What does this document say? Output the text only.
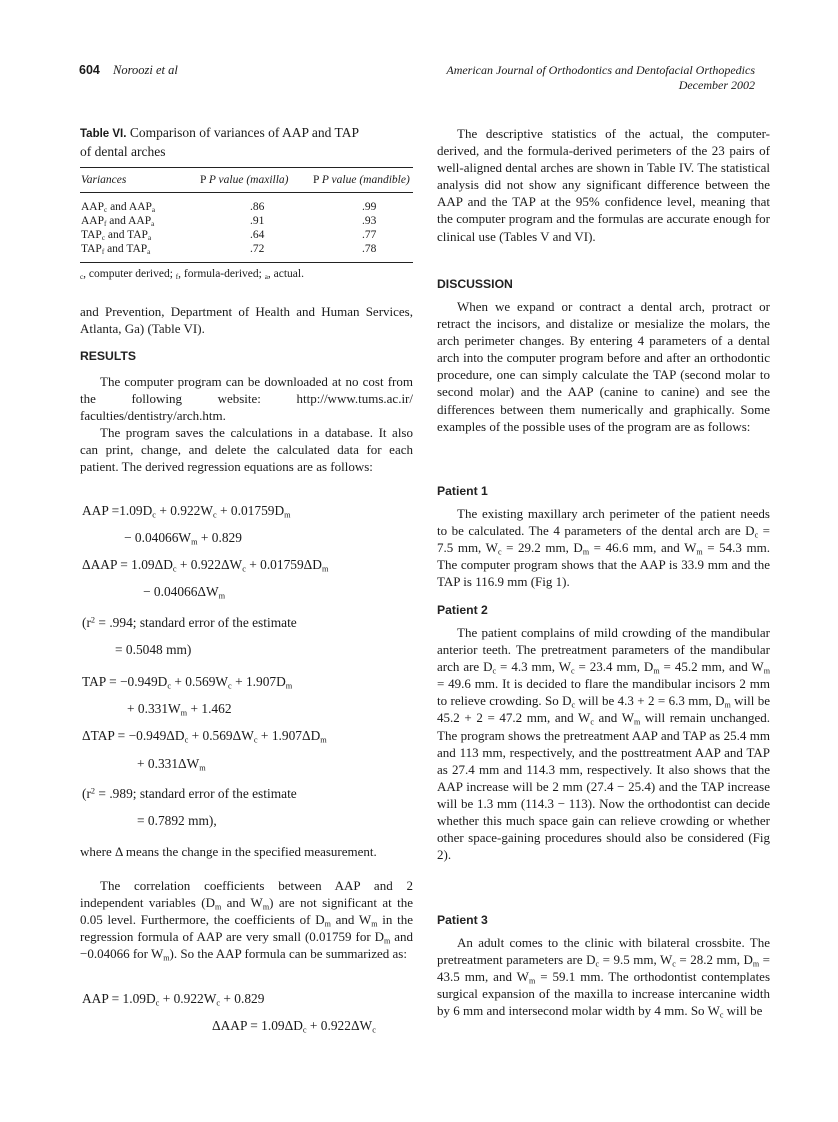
604 Noroozi et al	American Journal of Orthodontics and Dentofacial Orthopedics
December 2002
Table VI. Comparison of variances of AAP and TAP
of dental arches
Variances	P P value (maxilla) P P value (mandible)
$AAP_c$ and $AAP_a$	.86	.99
$AAP_f$ and $AAP_a$	.91	.93
$TAP_c$ and $TAP_a$	.64	.77
$TAP_f$ and $TAP_a$	.72	.78
$_c$, computer derived; $_f$, formula-derived; $_a$, actual.
and Prevention, Department of Health and Human Services, Atlanta, Ga) (Table VI).
RESULTS
The computer program can be downloaded at no cost from the following website: http://www.tums.ac.ir/ faculties/dentistry/arch.htm.
The program saves the calculations in a database. It also can print, change, and delete the calculated data for each patient. The derived regression equations are as follows:
AAP $=1.09D_c + 0.922W_c + 0.01759D_m$
− $0.04066W_m + 0.829$
$\Delta AAP = 1.09\Delta D_c + 0.922\Delta W_c + 0.01759\Delta D_m$
− $0.04066\Delta W_m$
($r^2 = .994$; standard error of the estimate
= 0.5048 mm)
TAP = $-0.949D_c + 0.569W_c + 1.907D_m$
+ $0.331W_m + 1.462$
$\Delta TAP = -0.949\Delta D_c + 0.569\Delta W_c + 1.907\Delta D_m$
+ $0.331\Delta W_m$
($r^2 = .989$; standard error of the estimate
= 0.7892 mm),
where Δ means the change in the specified measurement.
The correlation coefficients between AAP and 2 independent variables ($D_m$ and $W_m$) are not significant at the 0.05 level. Furthermore, the coefficients of $D_m$ and $W_m$ in the regression formula of AAP are very small (0.01759 for $D_m$ and −0.04066 for $W_m$). So the AAP formula can be summarized as:
AAP = $1.09D_c + 0.922W_c + 0.829$
$\Delta AAP = 1.09\Delta D_c + 0.922\Delta W_c$
The descriptive statistics of the actual, the computer-derived, and the formula-derived perimeters of the 23 pairs of well-aligned dental arches are shown in Table IV. The statistical analysis did not show any significant difference between the AAP and the TAP at the 95% confidence level, meaning that the computer program and the formulas are accurate enough for clinical use (Tables V and VI).
DISCUSSION
When we expand or contract a dental arch, protract or retract the incisors, and distalize or mesialize the molars, the arch perimeter changes. By entering 4 parameters of a dental arch into the computer program before and after an orthodontic procedure, one can simply calculate the TAP (second molar to second molar) and the AAP (canine to canine) and see the differences between them numerically and graphically. Some examples of the possible uses of the program are as follows:
Patient 1
The existing maxillary arch perimeter of the patient needs to be calculated. The 4 parameters of the dental arch are $D_c = 7.5$ mm, $W_c = 29.2$ mm, $D_m = 46.6$ mm, and $W_m = 54.3$ mm. The computer program shows that the AAP is 33.9 mm and the TAP is 116.9 mm (Fig 1).
Patient 2
The patient complains of mild crowding of the mandibular anterior teeth. The pretreatment parameters of the mandibular arch are $D_c = 4.3$ mm, $W_c = 23.4$ mm, $D_m = 45.2$ mm, and $W_m = 49.6$ mm. It is decided to flare the mandibular incisors 2 mm to relieve crowding. So $D_c$ will be 4.3 + 2 = 6.3 mm, $D_m$ will be 45.2 + 2 = 47.2 mm, and $W_c$ and $W_m$ will remain unchanged. The program shows the pretreatment AAP and TAP as 25.4 mm and 113 mm, respectively, and the posttreatment AAP and TAP as 27.4 mm and 114.3 mm, respectively. It also shows that the AAP increase will be 2 mm (27.4 − 25.4) and the TAP increase will be 1.3 mm (114.3 − 113). Now the orthodontist can decide whether this much space gain can relieve crowding or whether other space-gaining procedures should also be considered (Fig 2).
Patient 3
An adult comes to the clinic with bilateral crossbite. The pretreatment parameters are $D_c = 9.5$ mm, $W_c = 28.2$ mm, $D_m = 43.5$ mm, and $W_m = 59.1$ mm. The orthodontist contemplates surgical expansion of the maxilla to increase intercanine width by 6 mm and intersecond molar width by 4 mm. So $W_c$ will be
